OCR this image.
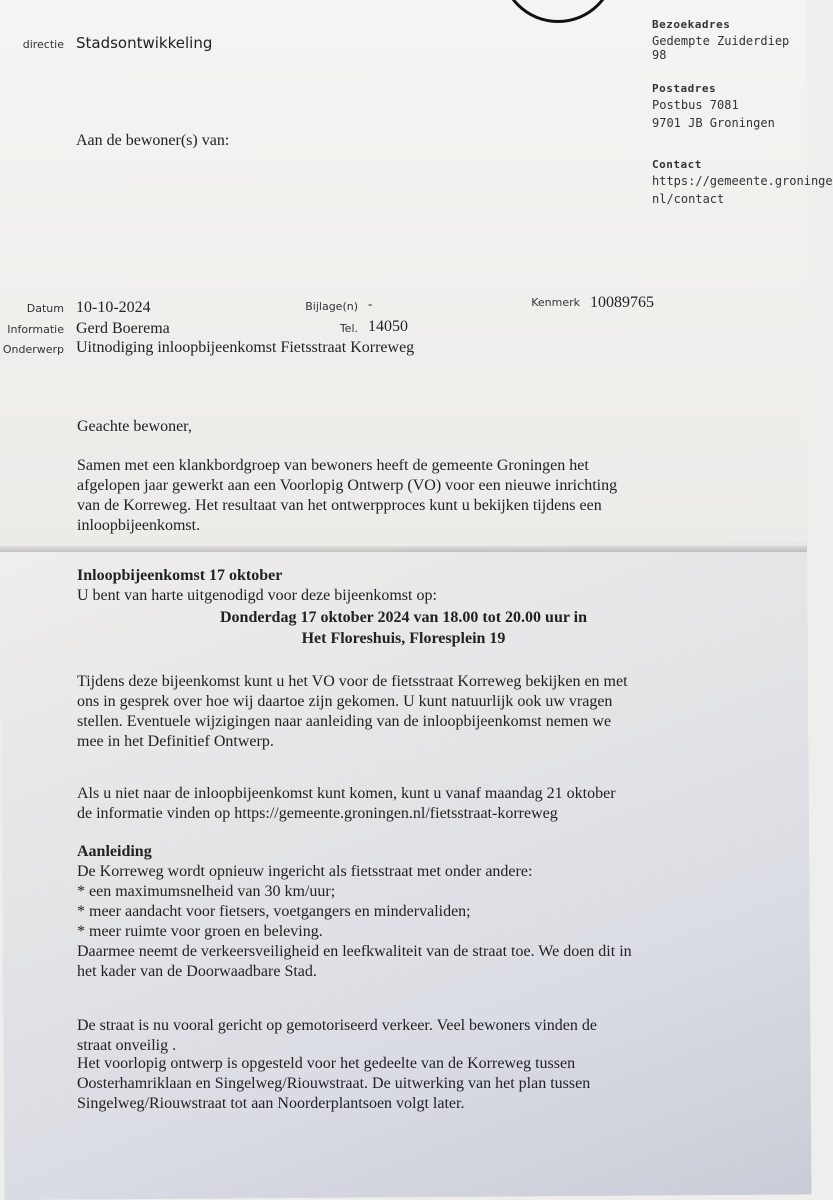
directie Stadsontwikkeling
Aan de bewoner(s) van:
Bezoekadres
Gedempte Zuiderdiep 98
Postadres
Postbus 7081
9701 JB Groningen
Contact
https://gemeente.groninge
nl/contact
Datum 10-10-2024	Bijlage(n) -	Kenmerk 10089765
Informatie Gerd Boerema	Tel. 14050
Onderwerp Uitnodiging inloopbijeenkomst Fietsstraat Korreweg
Geachte bewoner,
Samen met een klankbordgroep van bewoners heeft de gemeente Groningen het
afgelopen jaar gewerkt aan een Voorlopig Ontwerp (VO) voor een nieuwe inrichting
van de Korreweg. Het resultaat van het ontwerpproces kunt u bekijken tijdens een
inloopbijeenkomst.
Inloopbijeenkomst 17 oktober
U bent van harte uitgenodigd voor deze bijeenkomst op:
Donderdag 17 oktober 2024 van 18.00 tot 20.00 uur in
Het Floreshuis, Floresplein 19
Tijdens deze bijeenkomst kunt u het VO voor de fietsstraat Korreweg bekijken en met
ons in gesprek over hoe wij daartoe zijn gekomen. U kunt natuurlijk ook uw vragen
stellen. Eventuele wijzigingen naar aanleiding van de inloopbijeenkomst nemen we
mee in het Definitief Ontwerp.
Als u niet naar de inloopbijeenkomst kunt komen, kunt u vanaf maandag 21 oktober
de informatie vinden op https://gemeente.groningen.nl/fietsstraat-korreweg
Aanleiding
De Korreweg wordt opnieuw ingericht als fietsstraat met onder andere:
* een maximumsnelheid van 30 km/uur;
* meer aandacht voor fietsers, voetgangers en mindervaliden;
* meer ruimte voor groen en beleving.
Daarmee neemt de verkeersveiligheid en leefkwaliteit van de straat toe. We doen dit in
het kader van de Doorwaadbare Stad.
De straat is nu vooral gericht op gemotoriseerd verkeer. Veel bewoners vinden de
straat onveilig .
Het voorlopig ontwerp is opgesteld voor het gedeelte van de Korreweg tussen
Oosterhamriklaan en Singelweg/Riouwstraat. De uitwerking van het plan tussen
Singelweg/Riouwstraat tot aan Noorderplantsoen volgt later.
